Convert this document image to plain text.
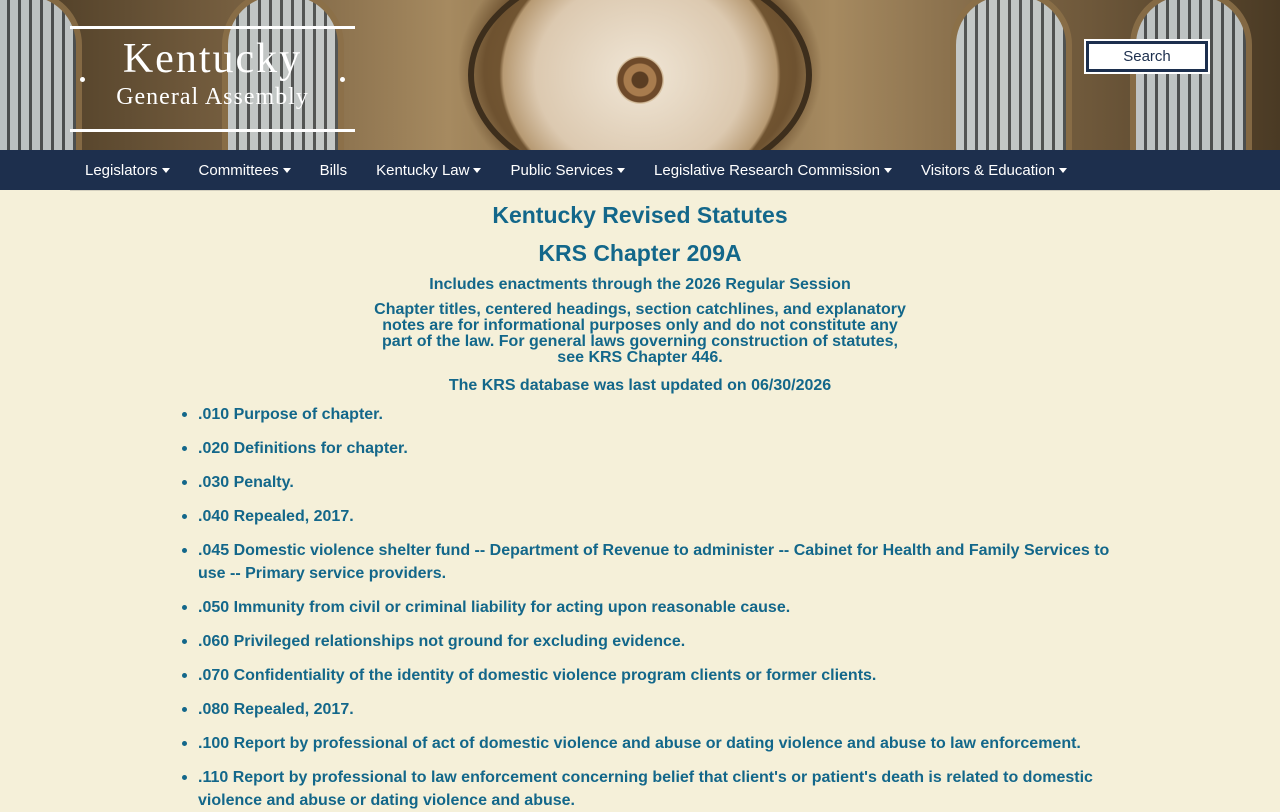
Kentucky
General Assembly
Search
Legislators	Committees	Bills Kentucky Law	Public Services	Legislative Research Commission	Visitors & Education
Kentucky Revised Statutes
KRS Chapter 209A
Includes enactments through the 2026 Regular Session
Chapter titles, centered headings, section catchlines, and explanatory notes are for informational purposes only and do not constitute any part of the law. For general laws governing construction of statutes, see KRS Chapter 446.
The KRS database was last updated on 06/30/2026
.010 Purpose of chapter.
.020 Definitions for chapter.
.030 Penalty.
.040 Repealed, 2017.
.045 Domestic violence shelter fund -- Department of Revenue to administer -- Cabinet for Health and Family Services to use -- Primary service providers.
.050 Immunity from civil or criminal liability for acting upon reasonable cause.
.060 Privileged relationships not ground for excluding evidence.
.070 Confidentiality of the identity of domestic violence program clients or former clients.
.080 Repealed, 2017.
.100 Report by professional of act of domestic violence and abuse or dating violence and abuse to law enforcement.
.110 Report by professional to law enforcement concerning belief that client's or patient's death is related to domestic violence and abuse or dating violence and abuse.
